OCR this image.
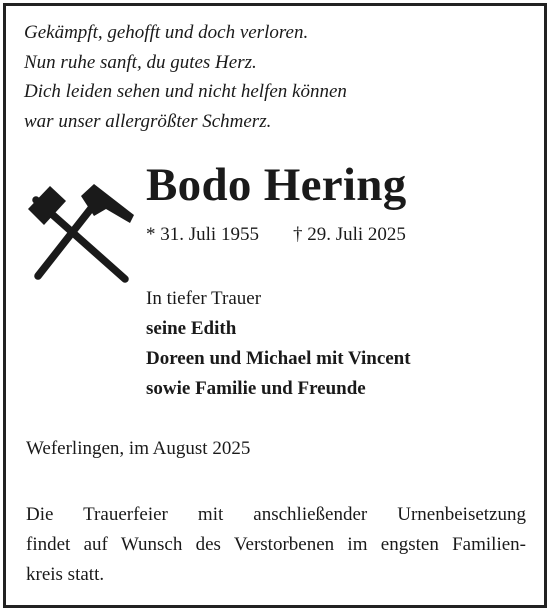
Gekämpft, gehofft und doch verloren.
Nun ruhe sanft, du gutes Herz.
Dich leiden sehen und nicht helfen können
war unser allergrößter Schmerz.
Bodo Hering
* 31. Juli 1955 † 29. Juli 2025
In tiefer Trauer
seine Edith
Doreen und Michael mit Vincent
sowie Familie und Freunde
Weferlingen, im August 2025
Die Trauerfeier mit anschließender Urnenbeisetzung
findet auf Wunsch des Verstorbenen im engsten Familien-
kreis statt.
